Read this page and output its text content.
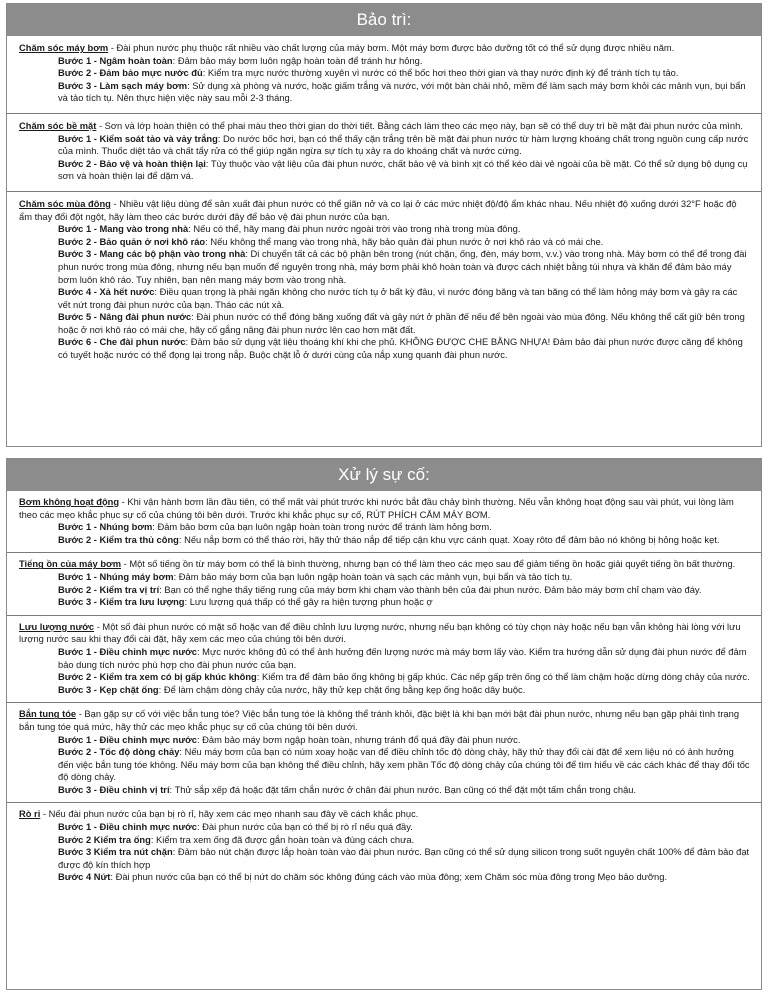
Bảo trì:
Chăm sóc máy bơm - Đài phun nước phụ thuộc rất nhiều vào chất lượng của máy bơm. Một máy bơm được bảo dưỡng tốt có thể sử dụng được nhiều năm.
Bước 1 - Ngâm hoàn toàn: Đảm bảo máy bơm luôn ngập hoàn toàn để tránh hư hỏng.
Bước 2 - Đảm bảo mực nước đủ: Kiểm tra mực nước thường xuyên vì nước có thể bốc hơi theo thời gian và thay nước định kỳ để tránh tích tụ tảo.
Bước 3 - Làm sạch máy bơm: Sử dụng xà phòng và nước, hoặc giấm trắng và nước, với một bàn chải nhỏ, mềm để làm sạch máy bơm khỏi các mảnh vụn, bụi bẩn và tảo tích tụ. Nên thực hiện việc này sau mỗi 2-3 tháng.
Chăm sóc bề mặt - Sơn và lớp hoàn thiện có thể phai màu theo thời gian do thời tiết. Bằng cách làm theo các mẹo này, bạn sẽ có thể duy trì bề mặt đài phun nước của mình.
Bước 1 - Kiểm soát tảo và vảy trắng: Do nước bốc hơi, bạn có thể thấy cặn trắng trên bề mặt đài phun nước từ hàm lượng khoáng chất trong nguồn cung cấp nước của mình. Thuốc diệt tảo và chất tẩy rửa có thể giúp ngăn ngừa sự tích tụ xảy ra do khoáng chất và nước cứng.
Bước 2 - Bảo vệ và hoàn thiện lại: Tùy thuộc vào vật liệu của đài phun nước, chất bảo vệ và bình xịt có thể kéo dài vẻ ngoài của bề mặt. Có thể sử dụng bộ dụng cụ sơn và hoàn thiện lại để dặm vá.
Chăm sóc mùa đông - Nhiều vật liệu dùng để sản xuất đài phun nước có thể giãn nở và co lại ở các mức nhiệt độ/độ ẩm khác nhau. Nếu nhiệt độ xuống dưới 32°F hoặc độ ẩm thay đổi đột ngột, hãy làm theo các bước dưới đây để bảo vệ đài phun nước của bạn.
Bước 1 - Mang vào trong nhà: Nếu có thể, hãy mang đài phun nước ngoài trời vào trong nhà trong mùa đông.
Bước 2 - Bảo quản ở nơi khô ráo: Nếu không thể mang vào trong nhà, hãy bảo quản đài phun nước ở nơi khô ráo và có mái che.
Bước 3 - Mang các bộ phận vào trong nhà: Di chuyển tất cả các bộ phận bên trong (nút chặn, ống, đèn, máy bơm, v.v.) vào trong nhà. Máy bơm có thể để trong đài phun nước trong mùa đông, nhưng nếu bạn muốn để nguyên trong nhà, máy bơm phải khô hoàn toàn và được cách nhiệt bằng túi nhựa và khăn để đảm bảo máy bơm luôn khô ráo. Tuy nhiên, bạn nên mang máy bơm vào trong nhà.
Bước 4 - Xả hết nước: Điều quan trọng là phải ngăn không cho nước tích tụ ở bất kỳ đâu, vì nước đóng băng và tan băng có thể làm hỏng máy bơm và gây ra các vết nứt trong đài phun nước của bạn. Tháo các nút xả.
Bước 5 - Nâng đài phun nước: Đài phun nước có thể đóng băng xuống đất và gây nứt ở phần đế nếu để bên ngoài vào mùa đông. Nếu không thể cất giữ bên trong hoặc ở nơi khô ráo có mái che, hãy cố gắng nâng đài phun nước lên cao hơn mặt đất.
Bước 6 - Che đài phun nước: Đảm bảo sử dụng vật liệu thoáng khí khi che phủ. KHÔNG ĐƯỢC CHE BẰNG NHỰA! Đảm bảo đài phun nước được căng để không có tuyết hoặc nước có thể đọng lại trong nắp. Buộc chặt lỗ ở dưới cùng của nắp xung quanh đài phun nước.
Xử lý sự cố:
Bơm không hoạt động - Khi vận hành bơm lần đầu tiên, có thể mất vài phút trước khi nước bắt đầu chảy bình thường. Nếu vẫn không hoạt động sau vài phút, vui lòng làm theo các mẹo khắc phục sự cố của chúng tôi bên dưới. Trước khi khắc phục sự cố, RÚT PHÍCH CẮM MÁY BƠM.
Bước 1 - Nhúng bơm: Đảm bảo bơm của bạn luôn ngập hoàn toàn trong nước để tránh làm hỏng bơm.
Bước 2 - Kiểm tra thủ công: Nếu nắp bơm có thể tháo rời, hãy thử tháo nắp để tiếp cận khu vực cánh quạt. Xoay rôto để đảm bảo nó không bị hỏng hoặc kẹt.
Tiếng ồn của máy bơm - Một số tiếng ồn từ máy bơm có thể là bình thường, nhưng bạn có thể làm theo các mẹo sau để giảm tiếng ồn hoặc giải quyết tiếng ồn bất thường.
Bước 1 - Nhúng máy bơm: Đảm bảo máy bơm của bạn luôn ngập hoàn toàn và sạch các mảnh vụn, bụi bẩn và tảo tích tụ.
Bước 2 - Kiểm tra vị trí: Bạn có thể nghe thấy tiếng rung của máy bơm khi chạm vào thành bên của đài phun nước. Đảm bảo máy bơm chỉ chạm vào đáy.
Bước 3 - Kiểm tra lưu lượng: Lưu lượng quá thấp có thể gây ra hiện tượng phun hoặc ợ
Lưu lượng nước - Một số đài phun nước có mặt số hoặc van để điều chỉnh lưu lượng nước, nhưng nếu bạn không có tùy chọn này hoặc nếu bạn vẫn không hài lòng với lưu lượng nước sau khi thay đổi cài đặt, hãy xem các mẹo của chúng tôi bên dưới.
Bước 1 - Điều chỉnh mực nước: Mực nước không đủ có thể ảnh hưởng đến lượng nước mà máy bơm lấy vào. Kiểm tra hướng dẫn sử dụng đài phun nước để đảm bảo dung tích nước phù hợp cho đài phun nước của bạn.
Bước 2 - Kiểm tra xem có bị gấp khúc không: Kiểm tra để đảm bảo ống không bị gấp khúc. Các nếp gấp trên ống có thể làm chậm hoặc dừng dòng chảy của nước.
Bước 3 - Kẹp chặt ống: Để làm chậm dòng chảy của nước, hãy thử kẹp chặt ống bằng kẹp ống hoặc dây buộc.
Bắn tung tóe - Bạn gặp sự cố với việc bắn tung tóe? Việc bắn tung tóe là không thể tránh khỏi, đặc biệt là khi bạn mới bật đài phun nước, nhưng nếu bạn gặp phải tình trạng bắn tung tóe quá mức, hãy thử các mẹo khắc phục sự cố của chúng tôi bên dưới.
Bước 1 - Điều chỉnh mực nước: Đảm bảo máy bơm ngập hoàn toàn, nhưng tránh đổ quá đầy đài phun nước.
Bước 2 - Tốc độ dòng chảy: Nếu máy bơm của bạn có núm xoay hoặc van để điều chỉnh tốc độ dòng chảy, hãy thử thay đổi cài đặt để xem liệu nó có ảnh hưởng đến việc bắn tung tóe không. Nếu máy bơm của bạn không thể điều chỉnh, hãy xem phần Tốc độ dòng chảy của chúng tôi để tìm hiểu về các cách khác để thay đổi tốc độ dòng chảy.
Bước 3 - Điều chỉnh vị trí: Thử sắp xếp đá hoặc đặt tấm chắn nước ở chân đài phun nước. Bạn cũng có thể đặt một tấm chắn trong chậu.
Rò rỉ - Nếu đài phun nước của bạn bị rò rỉ, hãy xem các mẹo nhanh sau đây về cách khắc phục.
Bước 1 - Điều chỉnh mực nước: Đài phun nước của bạn có thể bị rò rỉ nếu quá đầy.
Bước 2 Kiểm tra ống: Kiểm tra xem ống đã được gắn hoàn toàn và đúng cách chưa.
Bước 3 Kiểm tra nút chặn: Đảm bảo nút chặn được lắp hoàn toàn vào đài phun nước. Bạn cũng có thể sử dụng silicon trong suốt nguyên chất 100% để đảm bảo đạt được độ kín thích hợp
Bước 4 Nứt: Đài phun nước của bạn có thể bị nứt do chăm sóc không đúng cách vào mùa đông; xem Chăm sóc mùa đông trong Mẹo bảo dưỡng.
